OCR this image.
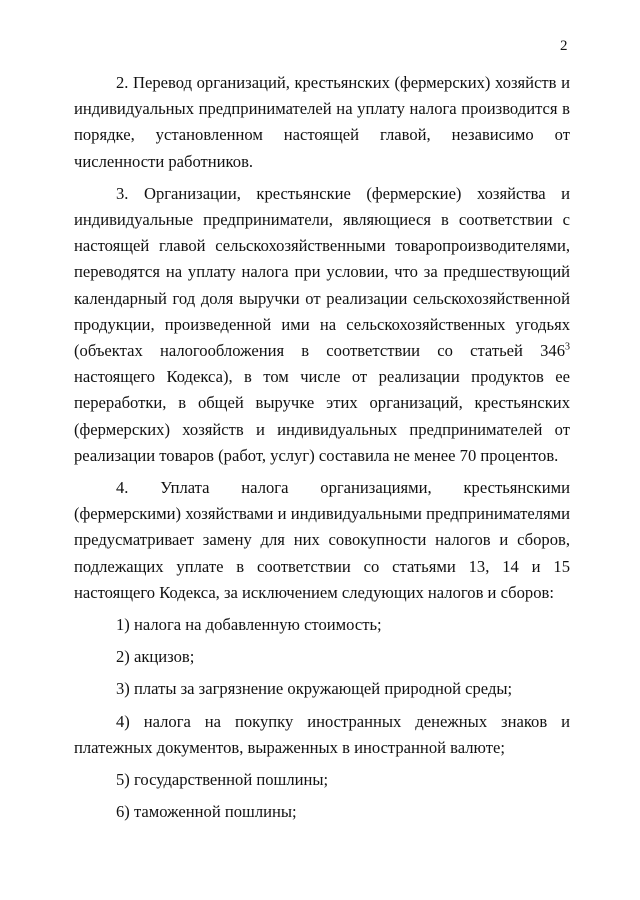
2

2. Перевод организаций, крестьянских (фермерских) хозяйств и индивидуальных предпринимателей на уплату налога производится в порядке, установленном настоящей главой, независимо от численности работников.

3. Организации, крестьянские (фермерские) хозяйства и индивидуальные предприниматели, являющиеся в соответствии с настоящей главой сельскохозяйственными товаропроизводителями, переводятся на уплату налога при условии, что за предшествующий календарный год доля выручки от реализации сельскохозяйственной продукции, произведенной ими на сельскохозяйственных угодьях (объектах налогообложения в соответствии со статьей $346^3$ настоящего Кодекса), в том числе от реализации продуктов ее переработки, в общей выручке этих организаций, крестьянских (фермерских) хозяйств и индивидуальных предпринимателей от реализации товаров (работ, услуг) составила не менее 70 процентов.

4. Уплата налога организациями, крестьянскими (фермерскими) хозяйствами и индивидуальными предпринимателями предусматривает замену для них совокупности налогов и сборов, подлежащих уплате в соответствии со статьями 13, 14 и 15 настоящего Кодекса, за исключением следующих налогов и сборов:

1) налога на добавленную стоимость;

2) акцизов;

3) платы за загрязнение окружающей природной среды;

4) налога на покупку иностранных денежных знаков и платежных документов, выраженных в иностранной валюте;

5) государственной пошлины;

6) таможенной пошлины;
